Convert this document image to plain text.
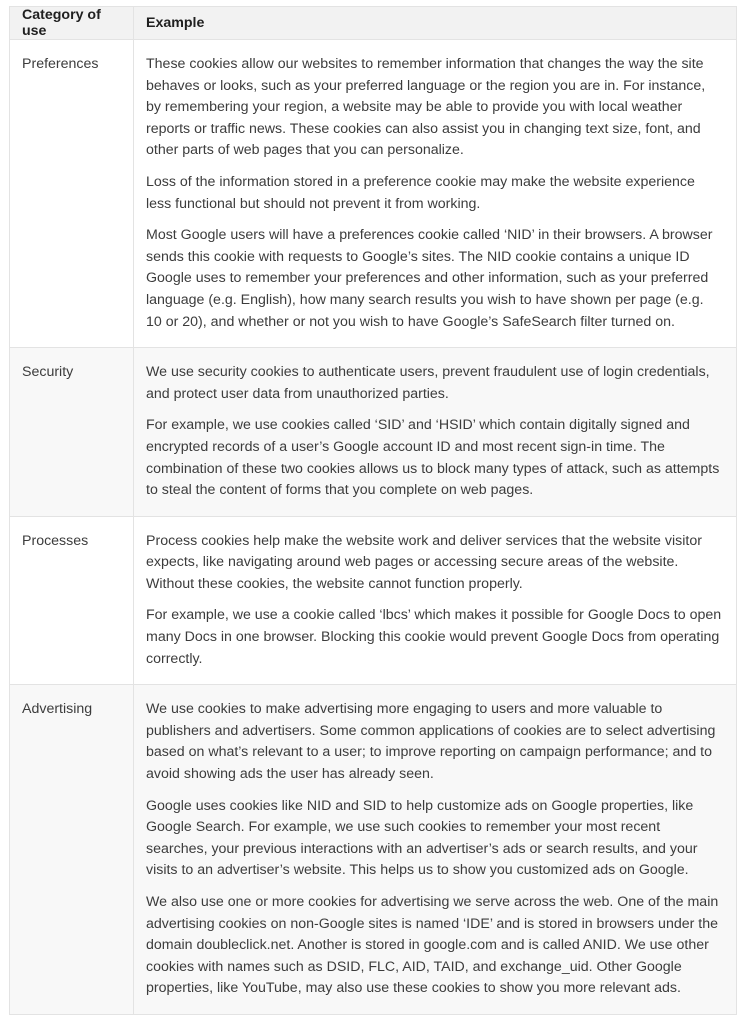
Category of use	Example
Preferences	These cookies allow our websites to remember information that changes the way the site behaves or looks, such as your preferred language or the region you are in. For instance, by remembering your region, a website may be able to provide you with local weather reports or traffic news. These cookies can also assist you in changing text size, font, and other parts of web pages that you can personalize.

Loss of the information stored in a preference cookie may make the website experience less functional but should not prevent it from working.

Most Google users will have a preferences cookie called ‘NID’ in their browsers. A browser sends this cookie with requests to Google’s sites. The NID cookie contains a unique ID Google uses to remember your preferences and other information, such as your preferred language (e.g. English), how many search results you wish to have shown per page (e.g. 10 or 20), and whether or not you wish to have Google’s SafeSearch filter turned on.

Security	We use security cookies to authenticate users, prevent fraudulent use of login credentials, and protect user data from unauthorized parties.

For example, we use cookies called ‘SID’ and ‘HSID’ which contain digitally signed and encrypted records of a user’s Google account ID and most recent sign-in time. The combination of these two cookies allows us to block many types of attack, such as attempts to steal the content of forms that you complete on web pages.

Processes	Process cookies help make the website work and deliver services that the website visitor expects, like navigating around web pages or accessing secure areas of the website. Without these cookies, the website cannot function properly.

For example, we use a cookie called ‘lbcs’ which makes it possible for Google Docs to open many Docs in one browser. Blocking this cookie would prevent Google Docs from operating correctly.

Advertising	We use cookies to make advertising more engaging to users and more valuable to publishers and advertisers. Some common applications of cookies are to select advertising based on what’s relevant to a user; to improve reporting on campaign performance; and to avoid showing ads the user has already seen.

Google uses cookies like NID and SID to help customize ads on Google properties, like Google Search. For example, we use such cookies to remember your most recent searches, your previous interactions with an advertiser’s ads or search results, and your visits to an advertiser’s website. This helps us to show you customized ads on Google.

We also use one or more cookies for advertising we serve across the web. One of the main advertising cookies on non-Google sites is named ‘IDE’ and is stored in browsers under the domain doubleclick.net. Another is stored in google.com and is called ANID. We use other cookies with names such as DSID, FLC, AID, TAID, and exchange_uid. Other Google properties, like YouTube, may also use these cookies to show you more relevant ads.
